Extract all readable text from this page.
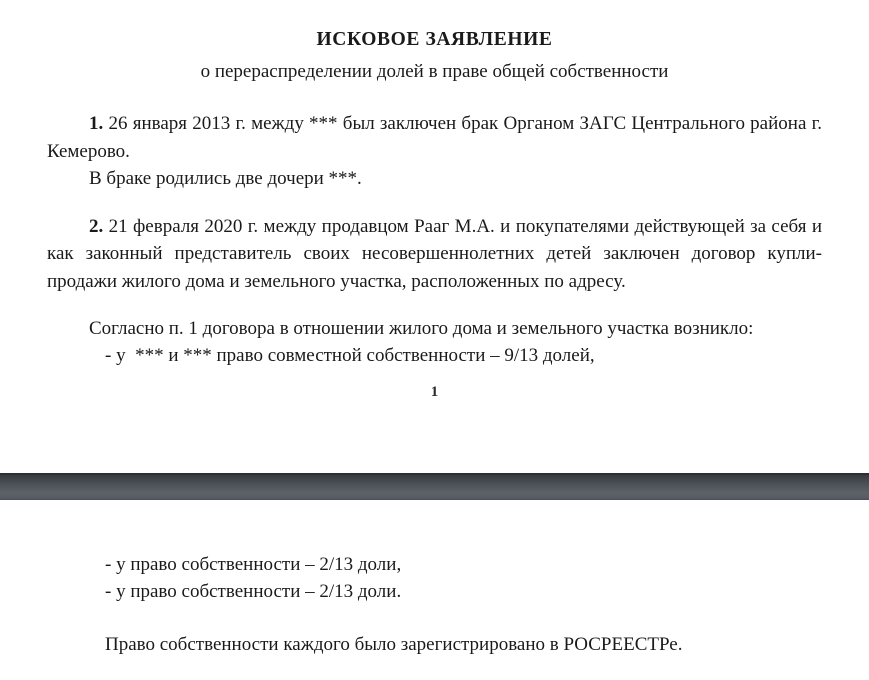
ИСКОВОЕ ЗАЯВЛЕНИЕ

о перераспределении долей в праве общей собственности

1. 26 января 2013 г. между *** был заключен брак Органом ЗАГС Центрального района г. Кемерово.

В браке родились две дочери ***.

2. 21 февраля 2020 г. между продавцом Рааг М.А. и покупателями действующей за себя и как законный представитель своих несовершеннолетних детей заключен договор купли-продажи жилого дома и земельного участка, расположенных по адресу.

Согласно п. 1 договора в отношении жилого дома и земельного участка возникло:

- у  *** и *** право совместной собственности – 9/13 долей,

1

- у право собственности – 2/13 доли,

- у право собственности – 2/13 доли.

Право собственности каждого было зарегистрировано в РОСРЕЕСТРе.
